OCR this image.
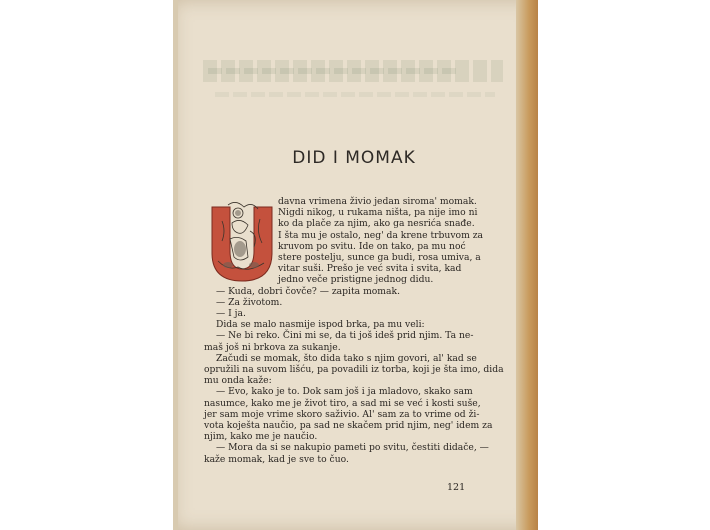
DID I MOMAK
davna vrimena živio jedan siroma' momak.
Nigdi nikog, u rukama ništa, pa nije imo ni
ko da plače za njim, ako ga nesrića snađe.
I šta mu je ostalo, neg' da krene trbuvom za
kruvom po svitu. Ide on tako, pa mu noć
stere postelju, sunce ga budi, rosa umiva, a
vitar suši. Prešo je već svita i svita, kad
jedno veče pristigne jednog didu.
— Kuda, dobri čovče? — zapita momak.
— Za životom.
— I ja.
Dida se malo nasmije ispod brka, pa mu veli:
— Ne bi reko. Čini mi se, da ti još ideš prid njim. Ta ne-
maš još ni brkova za sukanje.
Začudi se momak, što dida tako s njim govori, al' kad se
opružili na suvom lišću, pa povadili iz torba, koji je šta imo, dida
mu onda kaže:
— Evo, kako je to. Dok sam još i ja mladovo, skako sam
nasumce, kako me je život tiro, a sad mi se već i kosti suše,
jer sam moje vrime skoro saživio. Al' sam za to vrime od ži-
vota koješta naučio, pa sad ne skačem prid njim, neg' idem za
njim, kako me je naučio.
— Mora da si se nakupio pameti po svitu, čestiti didače, —
kaže momak, kad je sve to čuo.
121
